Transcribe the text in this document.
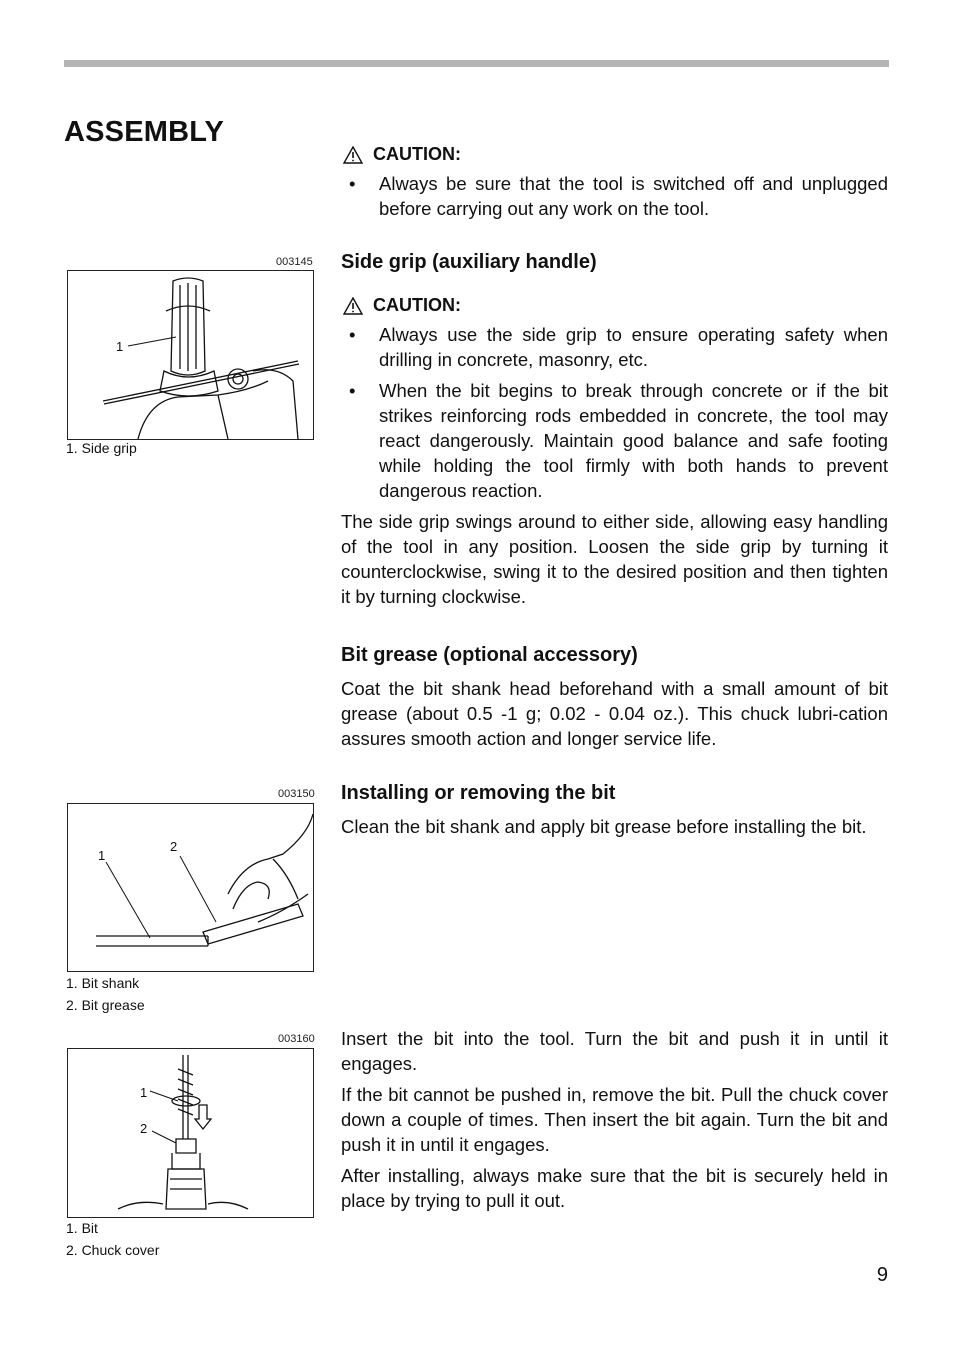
ASSEMBLY
CAUTION:
• Always be sure that the tool is switched off and unplugged before carrying out any work on the tool.
Side grip (auxiliary handle)
CAUTION:
• Always use the side grip to ensure operating safety when drilling in concrete, masonry, etc.
• When the bit begins to break through concrete or if the bit strikes reinforcing rods embedded in concrete, the tool may react dangerously. Maintain good balance and safe footing while holding the tool firmly with both hands to prevent dangerous reaction.

The side grip swings around to either side, allowing easy handling of the tool in any position. Loosen the side grip by turning it counterclockwise, swing it to the desired position and then tighten it by turning clockwise.

Bit grease (optional accessory)

Coat the bit shank head beforehand with a small amount of bit grease (about 0.5 -1 g; 0.02 - 0.04 oz.). This chuck lubri-cation assures smooth action and longer service life.

Installing or removing the bit

Clean the bit shank and apply bit grease before installing the bit.

Insert the bit into the tool. Turn the bit and push it in until it engages.

If the bit cannot be pushed in, remove the bit. Pull the chuck cover down a couple of times. Then insert the bit again. Turn the bit and push it in until it engages.

After installing, always make sure that the bit is securely held in place by trying to pull it out.

003145
1
1. Side grip
003150
1
2
1. Bit shank
2. Bit grease
003160
1
2
1. Bit
2. Chuck cover
9
